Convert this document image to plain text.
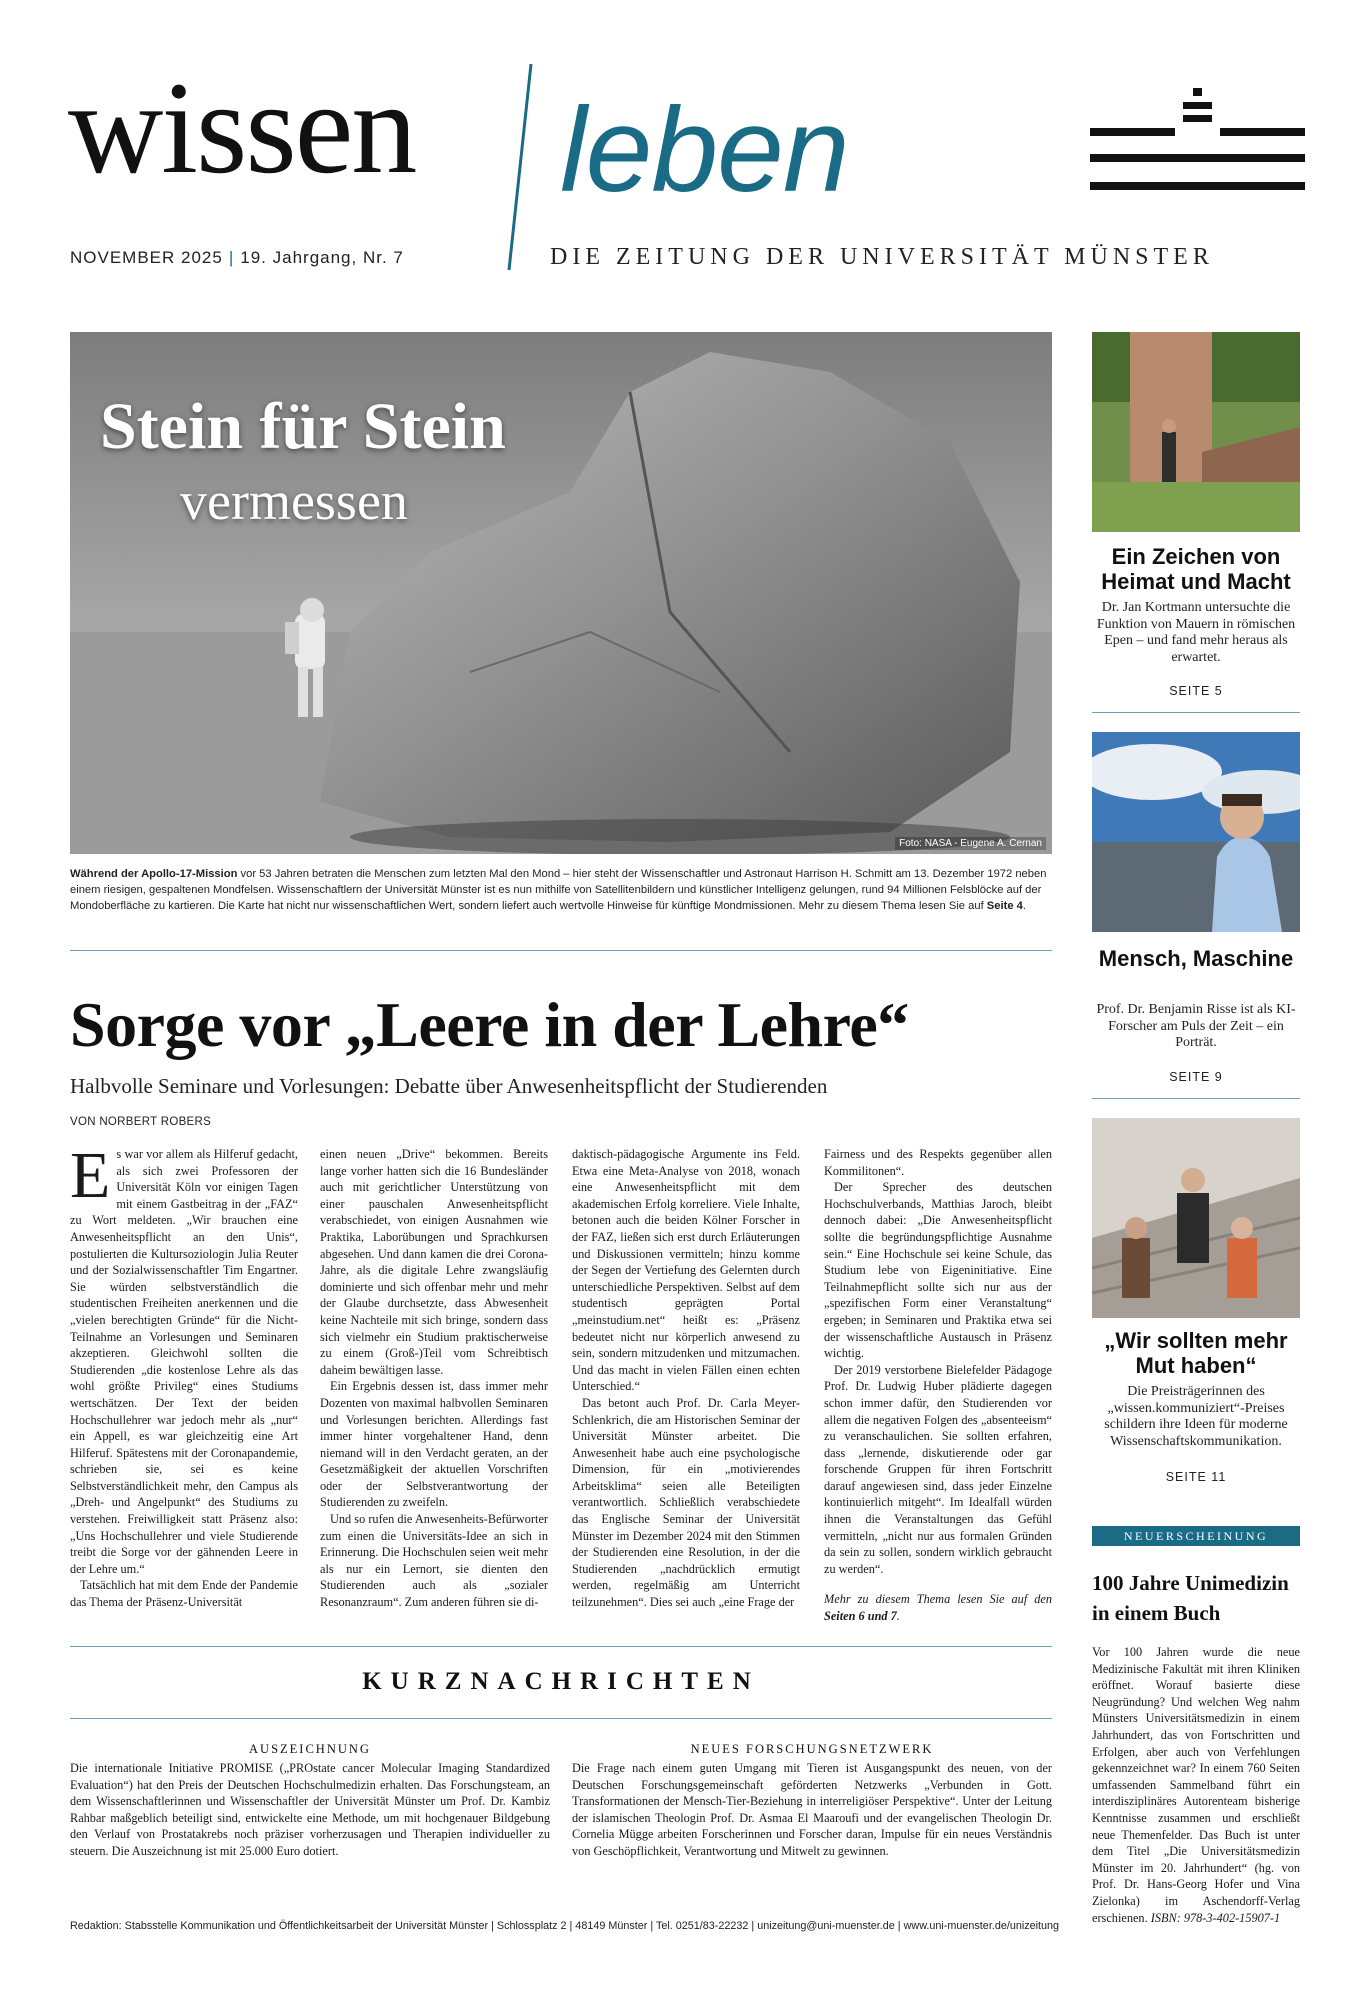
wissen leben
NOVEMBER 2025 | 19. Jahrgang, Nr. 7	DIE ZEITUNG DER UNIVERSITÄT MÜNSTER
Stein für Stein
vermessen
Foto: NASA - Eugene A. Cernan
Während der Apollo-17-Mission vor 53 Jahren betraten die Menschen zum letzten Mal den Mond – hier steht der Wissenschaftler und Astronaut Harrison H. Schmitt am 13. Dezember 1972 neben einem riesigen, gespaltenen Mondfelsen. Wissenschaftlern der Universität Münster ist es nun mithilfe von Satellitenbildern und künstlicher Intelligenz gelungen, rund 94 Millionen Felsblöcke auf der Mondoberfläche zu kartieren. Die Karte hat nicht nur wissenschaftlichen Wert, sondern liefert auch wertvolle Hinweise für künftige Mondmissionen. Mehr zu diesem Thema lesen Sie auf Seite 4.
Sorge vor „Leere in der Lehre“
Halbvolle Seminare und Vorlesungen: Debatte über Anwesenheitspflicht der Studierenden
VON NORBERT ROBERS

Es war vor allem als Hilferuf gedacht, als sich zwei Professoren der Universität Köln vor einigen Tagen mit einem Gastbeitrag in der „FAZ“ zu Wort meldeten. „Wir brauchen eine Anwesenheitspflicht an den Unis“, postulierten die Kultursoziologin Julia Reuter und der Sozialwissenschaftler Tim Engartner. Sie würden selbstverständlich die studentischen Freiheiten anerkennen und die „vielen berechtigten Gründe“ für die Nicht-Teilnahme an Vorlesungen und Seminaren akzeptieren. Gleichwohl sollten die Studierenden „die kostenlose Lehre als das wohl größte Privileg“ eines Studiums wertschätzen. Der Text der beiden Hochschullehrer war jedoch mehr als „nur“ ein Appell, es war gleichzeitig eine Art Hilferuf. Spätestens mit der Coronapandemie, schrieben sie, sei es keine Selbstverständlichkeit mehr, den Campus als „Dreh- und Angelpunkt“ des Studiums zu verstehen. Freiwilligkeit statt Präsenz also: „Uns Hochschullehrer und viele Studierende treibt die Sorge vor der gähnenden Leere in der Lehre um.“

Tatsächlich hat mit dem Ende der Pandemie das Thema der Präsenz-Universität

einen neuen „Drive“ bekommen. Bereits lange vorher hatten sich die 16 Bundesländer auch mit gerichtlicher Unterstützung von einer pauschalen Anwesenheitspflicht verabschiedet, von einigen Ausnahmen wie Praktika, Laborübungen und Sprachkursen abgesehen. Und dann kamen die drei Corona-Jahre, als die digitale Lehre zwangsläufig dominierte und sich offenbar mehr und mehr der Glaube durchsetzte, dass Abwesenheit keine Nachteile mit sich bringe, sondern dass sich vielmehr ein Studium praktischerweise zu einem (Groß-)Teil vom Schreibtisch daheim bewältigen lasse.

Ein Ergebnis dessen ist, dass immer mehr Dozenten von maximal halbvollen Seminaren und Vorlesungen berichten. Allerdings fast immer hinter vorgehaltener Hand, denn niemand will in den Verdacht geraten, an der Gesetzmäßigkeit der aktuellen Vorschriften oder der Selbstverantwortung der Studierenden zu zweifeln.

Und so rufen die Anwesenheits-Befürworter zum einen die Universitäts-Idee an sich in Erinnerung. Die Hochschulen seien weit mehr als nur ein Lernort, sie dienten den Studierenden auch als „sozialer Resonanzraum“. Zum anderen führen sie di-

daktisch-pädagogische Argumente ins Feld. Etwa eine Meta-Analyse von 2018, wonach eine Anwesenheitspflicht mit dem akademischen Erfolg korreliere. Viele Inhalte, betonen auch die beiden Kölner Forscher in der FAZ, ließen sich erst durch Erläuterungen und Diskussionen vermitteln; hinzu komme der Segen der Vertiefung des Gelernten durch unterschiedliche Perspektiven. Selbst auf dem studentisch geprägten Portal „meinstudium.net“ heißt es: „Präsenz bedeutet nicht nur körperlich anwesend zu sein, sondern mitzudenken und mitzumachen. Und das macht in vielen Fällen einen echten Unterschied.“

Das betont auch Prof. Dr. Carla Meyer-Schlenkrich, die am Historischen Seminar der Universität Münster arbeitet. Die Anwesenheit habe auch eine psychologische Dimension, für ein „motivierendes Arbeitsklima“ seien alle Beteiligten verantwortlich. Schließlich verabschiedete das Englische Seminar der Universität Münster im Dezember 2024 mit den Stimmen der Studierenden eine Resolution, in der die Studierenden „nachdrücklich ermutigt werden, regelmäßig am Unterricht teilzunehmen“. Dies sei auch „eine Frage der

Fairness und des Respekts gegenüber allen Kommilitonen“.

Der Sprecher des deutschen Hochschulverbands, Matthias Jaroch, bleibt dennoch dabei: „Die Anwesenheitspflicht sollte die begründungspflichtige Ausnahme sein.“ Eine Hochschule sei keine Schule, das Studium lebe von Eigeninitiative. Eine Teilnahmepflicht sollte sich nur aus der „spezifischen Form einer Veranstaltung“ ergeben; in Seminaren und Praktika etwa sei der wissenschaftliche Austausch in Präsenz wichtig.

Der 2019 verstorbene Bielefelder Pädagoge Prof. Dr. Ludwig Huber plädierte dagegen schon immer dafür, den Studierenden vor allem die negativen Folgen des „absenteeism“ zu veranschaulichen. Sie sollten erfahren, dass „lernende, diskutierende oder gar forschende Gruppen für ihren Fortschritt darauf angewiesen sind, dass jeder Einzelne kontinuierlich mitgeht“. Im Idealfall würden ihnen die Veranstaltungen das Gefühl vermitteln, „nicht nur aus formalen Gründen da sein zu sollen, sondern wirklich gebraucht zu werden“.

Mehr zu diesem Thema lesen Sie auf den Seiten 6 und 7.

KURZNACHRICHTEN
AUSZEICHNUNG
Die internationale Initiative PROMISE („PROstate cancer Molecular Imaging Standardized Evaluation“) hat den Preis der Deutschen Hochschulmedizin erhalten. Das Forschungsteam, an dem Wissenschaftlerinnen und Wissenschaftler der Universität Münster um Prof. Dr. Kambiz Rahbar maßgeblich beteiligt sind, entwickelte eine Methode, um mit hochgenauer Bildgebung den Verlauf von Prostatakrebs noch präziser vorherzusagen und Therapien individueller zu steuern. Die Auszeichnung ist mit 25.000 Euro dotiert.
NEUES FORSCHUNGSNETZWERK
Die Frage nach einem guten Umgang mit Tieren ist Ausgangspunkt des neuen, von der Deutschen Forschungsgemeinschaft geförderten Netzwerks „Verbunden in Gott. Transformationen der Mensch-Tier-Beziehung in interreligiöser Perspektive“. Unter der Leitung der islamischen Theologin Prof. Dr. Asmaa El Maaroufi und der evangelischen Theologin Dr. Cornelia Mügge arbeiten Forscherinnen und Forscher daran, Impulse für ein neues Verständnis von Geschöpflichkeit, Verantwortung und Mitwelt zu gewinnen.
Redaktion: Stabsstelle Kommunikation und Öffentlichkeitsarbeit der Universität Münster | Schlossplatz 2 | 48149 Münster | Tel. 0251/83-22232 | unizeitung@uni-muenster.de | www.uni-muenster.de/unizeitung
Ein Zeichen von Heimat und Macht
Dr. Jan Kortmann untersuchte die Funktion von Mauern in römischen Epen – und fand mehr heraus als erwartet.
SEITE 5
Mensch, Maschine
Prof. Dr. Benjamin Risse ist als KI-Forscher am Puls der Zeit – ein Porträt.
SEITE 9
„Wir sollten mehr Mut haben“
Die Preisträgerinnen des „wissen.kommuniziert“-Preises schildern ihre Ideen für moderne Wissenschaftskommunikation.
SEITE 11
NEUERSCHEINUNG
100 Jahre Unimedizin in einem Buch
Vor 100 Jahren wurde die neue Medizinische Fakultät mit ihren Kliniken eröffnet. Worauf basierte diese Neugründung? Und welchen Weg nahm Münsters Universitätsmedizin in einem Jahrhundert, das von Fortschritten und Erfolgen, aber auch von Verfehlungen gekennzeichnet war? In einem 760 Seiten umfassenden Sammelband führt ein interdisziplinäres Autorenteam bisherige Kenntnisse zusammen und erschließt neue Themenfelder. Das Buch ist unter dem Titel „Die Universitätsmedizin Münster im 20. Jahrhundert“ (hg. von Prof. Dr. Hans-Georg Hofer und Vina Zielonka) im Aschendorff-Verlag erschienen. ISBN: 978-3-402-15907-1
